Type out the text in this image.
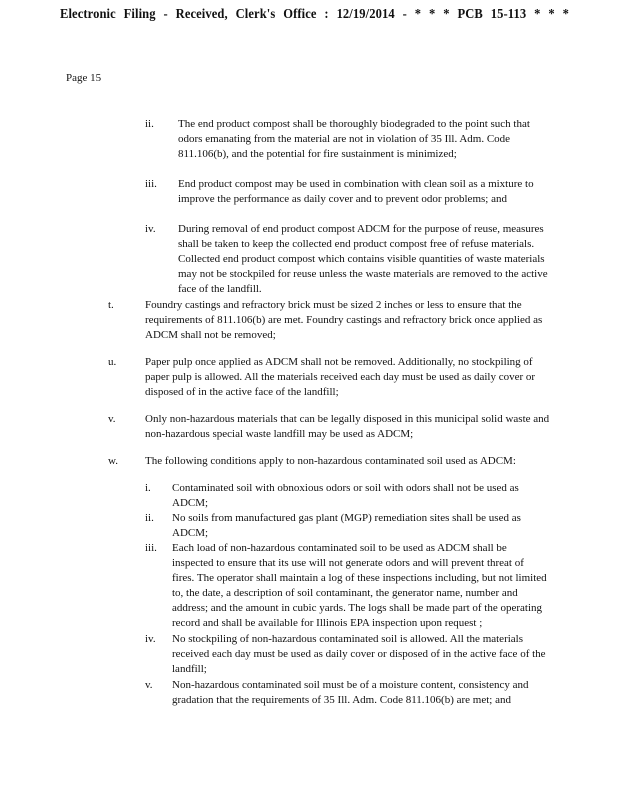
Electronic Filing - Received, Clerk's Office : 12/19/2014 - * * * PCB 15-113 * * *
Page 15
ii. The end product compost shall be thoroughly biodegraded to the point such that odors emanating from the material are not in violation of 35 Ill. Adm. Code 811.106(b), and the potential for fire sustainment is minimized;
iii. End product compost may be used in combination with clean soil as a mixture to improve the performance as daily cover and to prevent odor problems; and
iv. During removal of end product compost ADCM for the purpose of reuse, measures shall be taken to keep the collected end product compost free of refuse materials. Collected end product compost which contains visible quantities of waste materials may not be stockpiled for reuse unless the waste materials are removed to the active face of the landfill.
t.	Foundry castings and refractory brick must be sized 2 inches or less to ensure that the requirements of 811.106(b) are met. Foundry castings and refractory brick once applied as ADCM shall not be removed;
u.	Paper pulp once applied as ADCM shall not be removed. Additionally, no stockpiling of paper pulp is allowed. All the materials received each day must be used as daily cover or disposed of in the active face of the landfill;
v.	Only non-hazardous materials that can be legally disposed in this municipal solid waste and non-hazardous special waste landfill may be used as ADCM;
w. The following conditions apply to non-hazardous contaminated soil used as ADCM:
i. Contaminated soil with obnoxious odors or soil with odors shall not be used as ADCM;
ii. No soils from manufactured gas plant (MGP) remediation sites shall be used as ADCM;
iii. Each load of non-hazardous contaminated soil to be used as ADCM shall be inspected to ensure that its use will not generate odors and will prevent threat of fires. The operator shall maintain a log of these inspections including, but not limited to, the date, a description of soil contaminant, the generator name, number and address; and the amount in cubic yards. The logs shall be made part of the operating record and shall be available for Illinois EPA inspection upon request ;
iv. No stockpiling of non-hazardous contaminated soil is allowed. All the materials received each day must be used as daily cover or disposed of in the active face of the landfill;
v. Non-hazardous contaminated soil must be of a moisture content, consistency and gradation that the requirements of 35 Ill. Adm. Code 811.106(b) are met; and
